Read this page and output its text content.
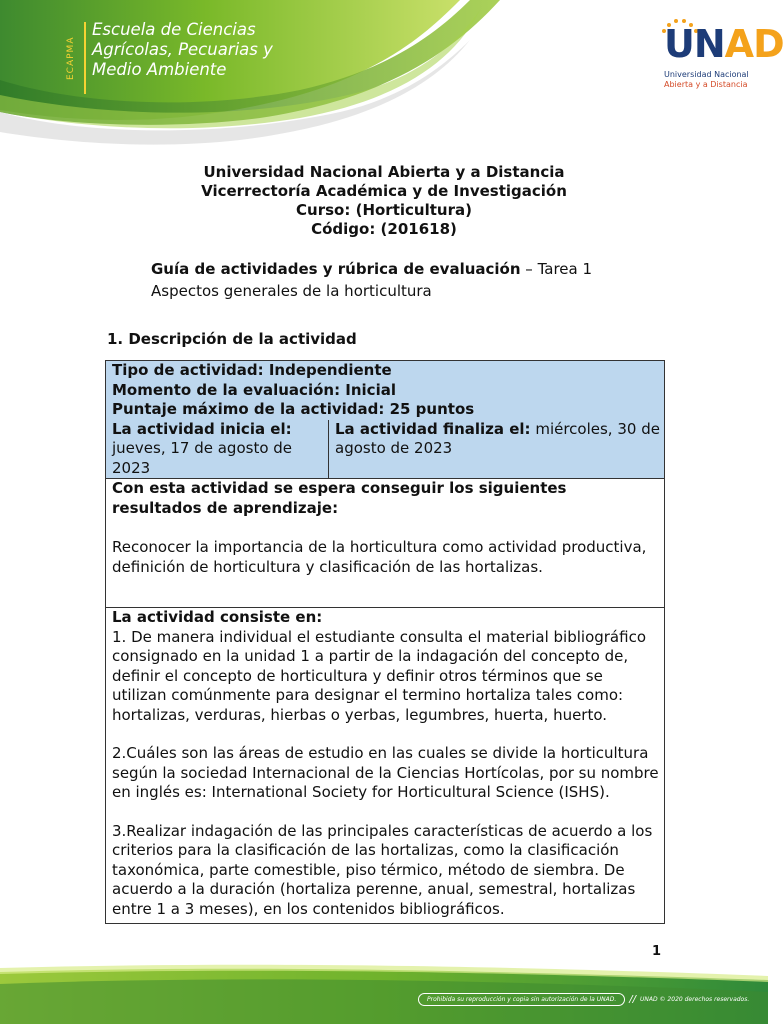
ECAPMA
Escuela de Ciencias
Agrícolas, Pecuarias y
Medio Ambiente
UNAD
Universidad Nacional
Abierta y a Distancia
Universidad Nacional Abierta y a Distancia
Vicerrectoría Académica y de Investigación
Curso: (Horticultura)
Código: (201618)
Guía de actividades y rúbrica de evaluación – Tarea 1
Aspectos generales de la horticultura
1. Descripción de la actividad
Tipo de actividad: Independiente
Momento de la evaluación: Inicial
Puntaje máximo de la actividad: 25 puntos
La actividad inicia el: jueves, 17 de agosto de 2023
La actividad finaliza el: miércoles, 30 de agosto de 2023
Con esta actividad se espera conseguir los siguientes resultados de aprendizaje:
Reconocer la importancia de la horticultura como actividad productiva, definición de horticultura y clasificación de las hortalizas.
La actividad consiste en:

1. De manera individual el estudiante consulta el material bibliográfico consignado en la unidad 1 a partir de la indagación del concepto de, definir el concepto de horticultura y definir otros términos que se utilizan comúnmente para designar el termino hortaliza tales como: hortalizas, verduras, hierbas o yerbas, legumbres, huerta, huerto.

2.Cuáles son las áreas de estudio en las cuales se divide la horticultura según la sociedad Internacional de la Ciencias Hortícolas, por su nombre en inglés es: International Society for Horticultural Science (ISHS).

3.Realizar indagación de las principales características de acuerdo a los criterios para la clasificación de las hortalizas, como la clasificación taxonómica, parte comestible, piso térmico, método de siembra. De acuerdo a la duración (hortaliza perenne, anual, semestral, hortalizas entre 1 a 3 meses), en los contenidos bibliográficos.

1
Prohibida su reproducción y copia sin autorización de la UNAD.	// UNAD © 2020 derechos reservados.
